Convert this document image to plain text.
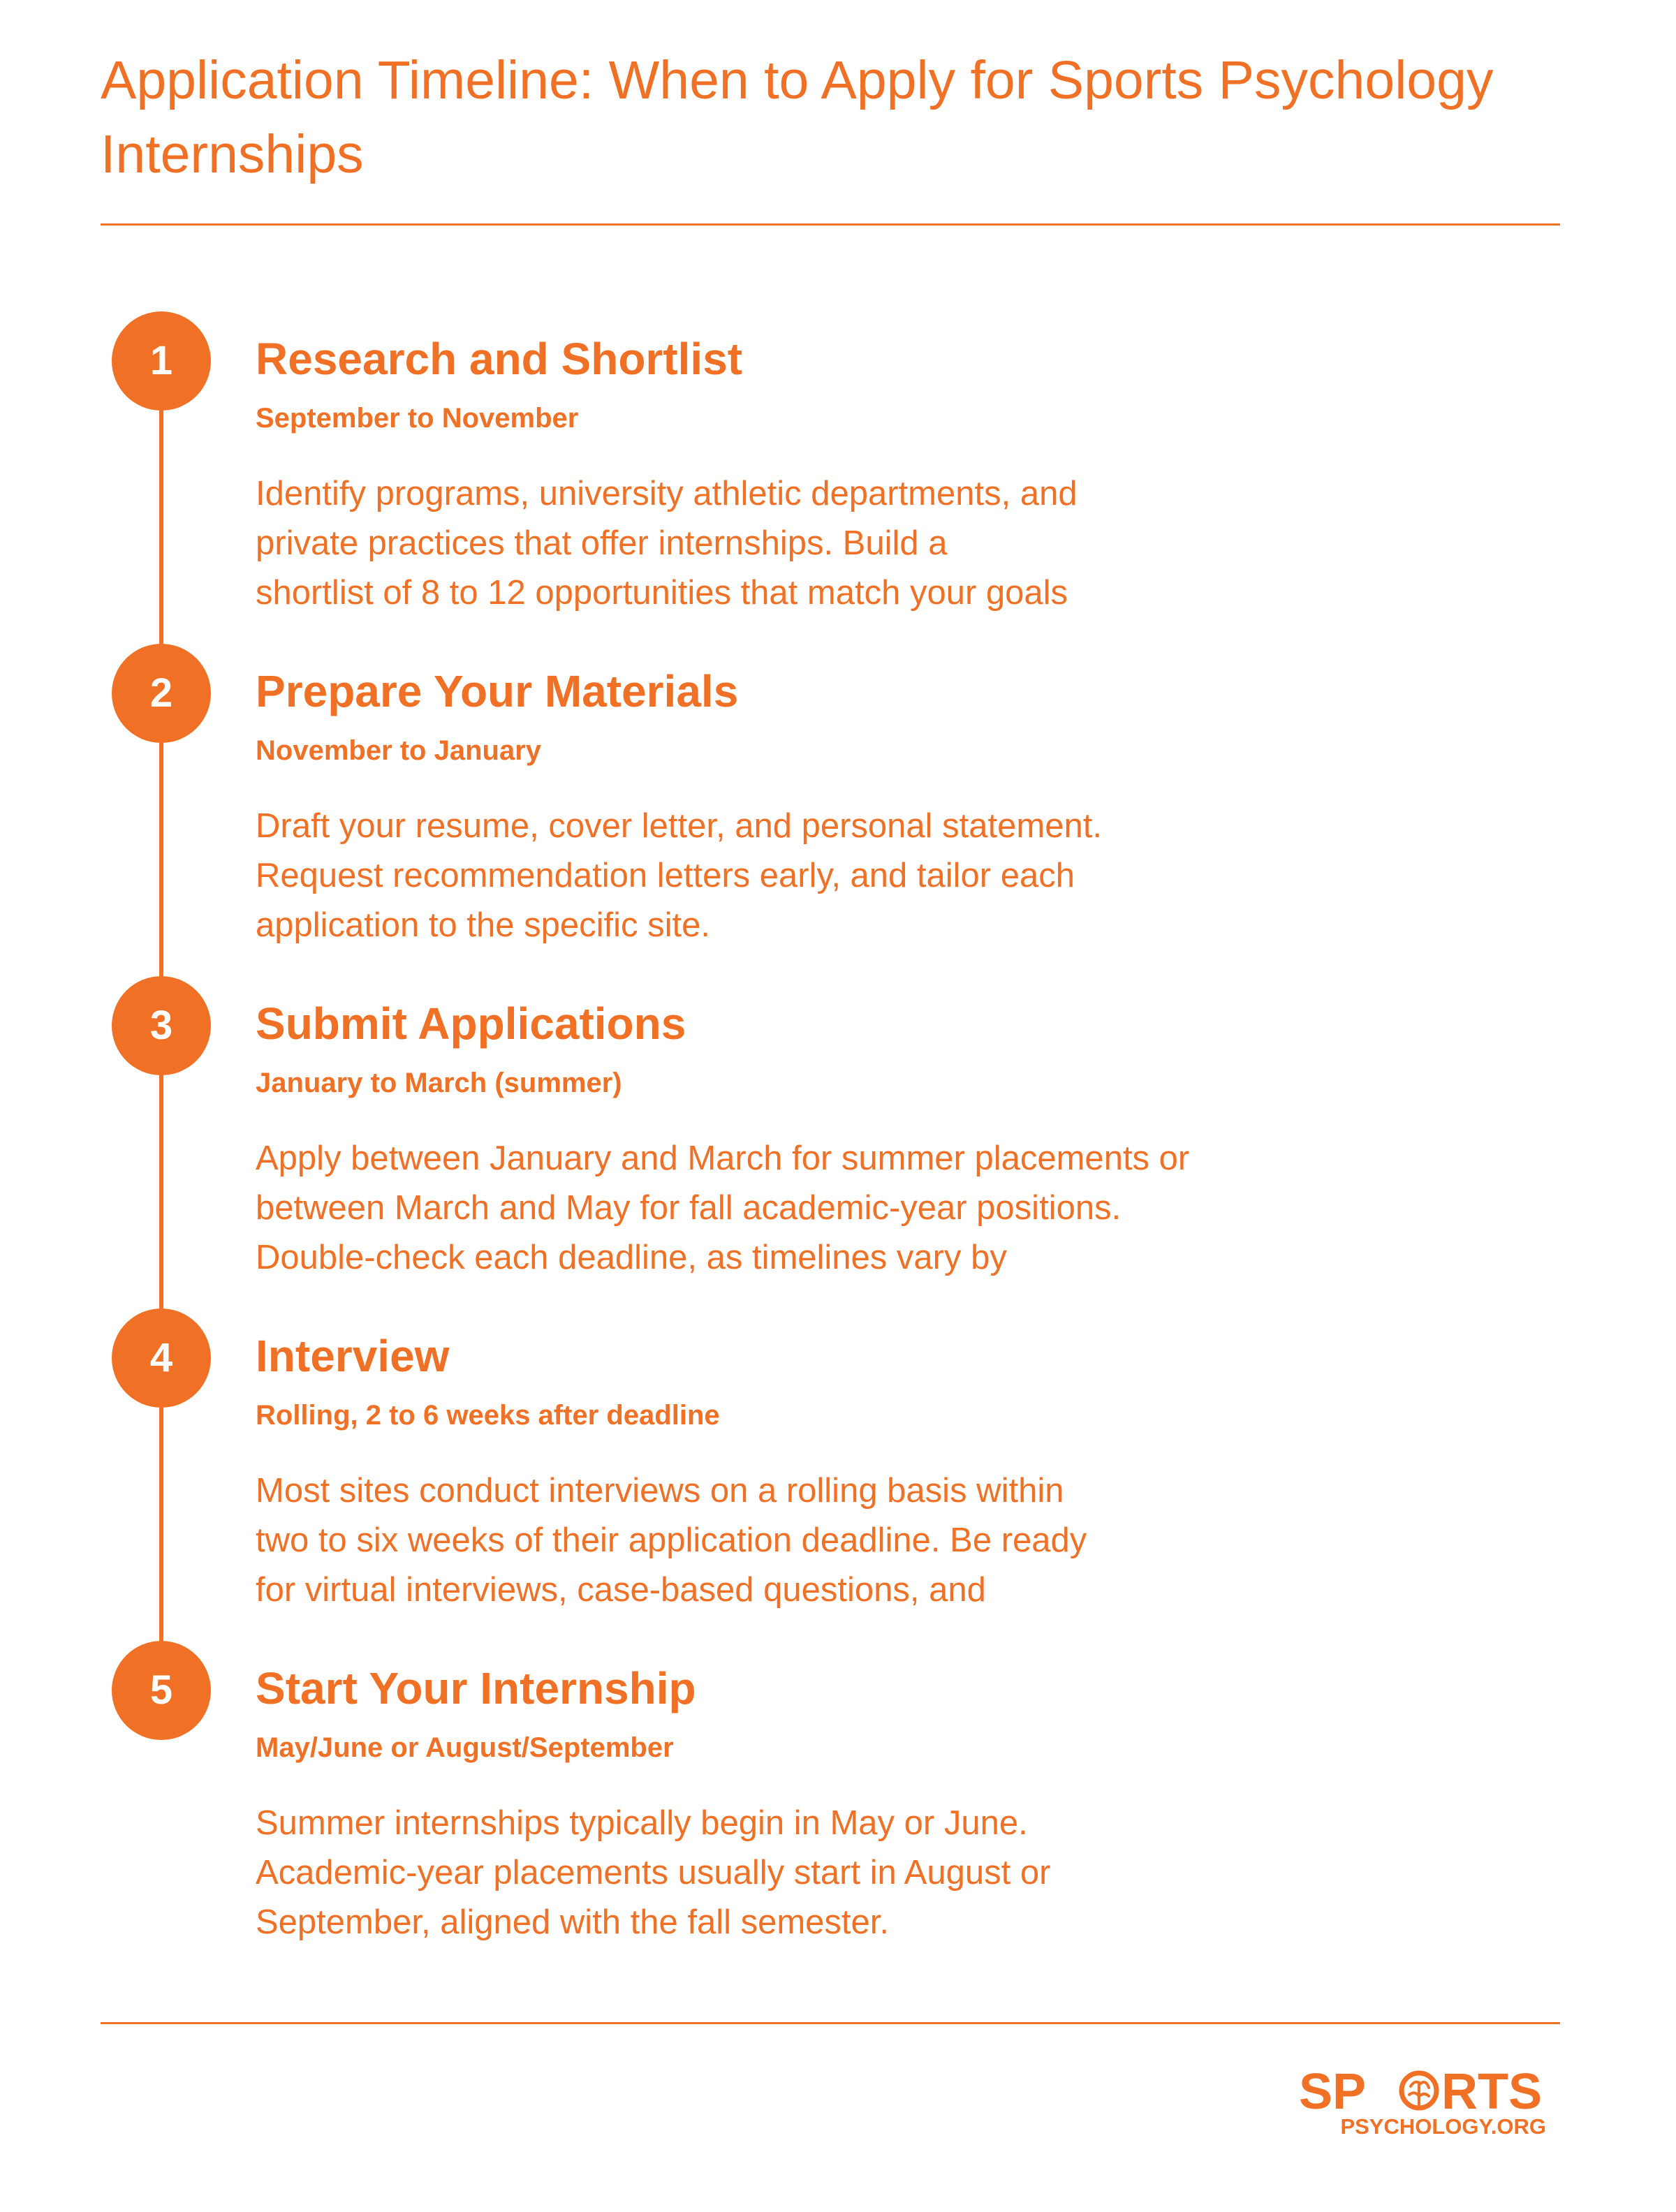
Application Timeline: When to Apply for Sports Psychology Internships
1	Research and Shortlist
September to November
Identify programs, university athletic departments, and
private practices that offer internships. Build a
shortlist of 8 to 12 opportunities that match your goals
2	Prepare Your Materials
November to January
Draft your resume, cover letter, and personal statement.
Request recommendation letters early, and tailor each
application to the specific site.
3	Submit Applications
January to March (summer)
Apply between January and March for summer placements or
between March and May for fall academic-year positions.
Double-check each deadline, as timelines vary by
4	Interview
Rolling, 2 to 6 weeks after deadline
Most sites conduct interviews on a rolling basis within
two to six weeks of their application deadline. Be ready
for virtual interviews, case-based questions, and
5	Start Your Internship
May/June or August/September
Summer internships typically begin in May or June.
Academic-year placements usually start in August or
September, aligned with the fall semester.
SP RTS
PSYCHOLOGY.ORG
